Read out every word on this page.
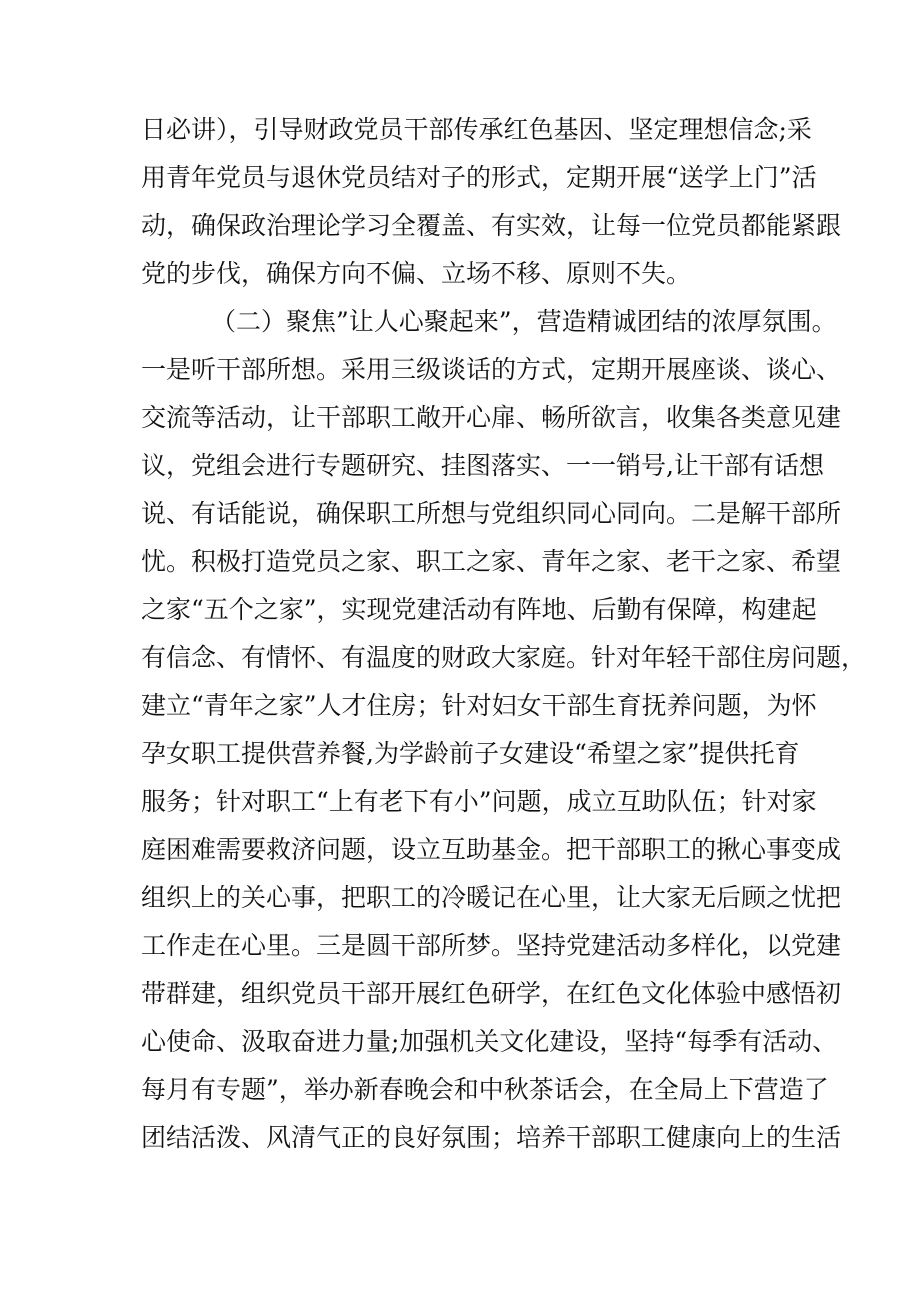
日必讲），引导财政党员干部传承红色基因、坚定理想信念;采
用青年党员与退休党员结对子的形式，定期开展“送学上门”活
动，确保政治理论学习全覆盖、有实效，让每一位党员都能紧跟
党的步伐，确保方向不偏、立场不移、原则不失。
（二）聚焦”让人心聚起来”，营造精诚团结的浓厚氛围。
一是听干部所想。采用三级谈话的方式，定期开展座谈、谈心、
交流等活动，让干部职工敞开心扉、畅所欲言，收集各类意见建
议，党组会进行专题研究、挂图落实、一一销号,让干部有话想
说、有话能说，确保职工所想与党组织同心同向。二是解干部所
忧。积极打造党员之家、职工之家、青年之家、老干之家、希望
之家“五个之家”，实现党建活动有阵地、后勤有保障，构建起
有信念、有情怀、有温度的财政大家庭。针对年轻干部住房问题，
建立“青年之家”人才住房；针对妇女干部生育抚养问题，为怀
孕女职工提供营养餐,为学龄前子女建设“希望之家”提供托育
服务；针对职工“上有老下有小”问题，成立互助队伍；针对家
庭困难需要救济问题，设立互助基金。把干部职工的揪心事变成
组织上的关心事，把职工的冷暖记在心里，让大家无后顾之忧把
工作走在心里。三是圆干部所梦。坚持党建活动多样化，以党建
带群建，组织党员干部开展红色研学，在红色文化体验中感悟初
心使命、汲取奋进力量;加强机关文化建设，坚持“每季有活动、
每月有专题”，举办新春晚会和中秋茶话会，在全局上下营造了
团结活泼、风清气正的良好氛围；培养干部职工健康向上的生活
